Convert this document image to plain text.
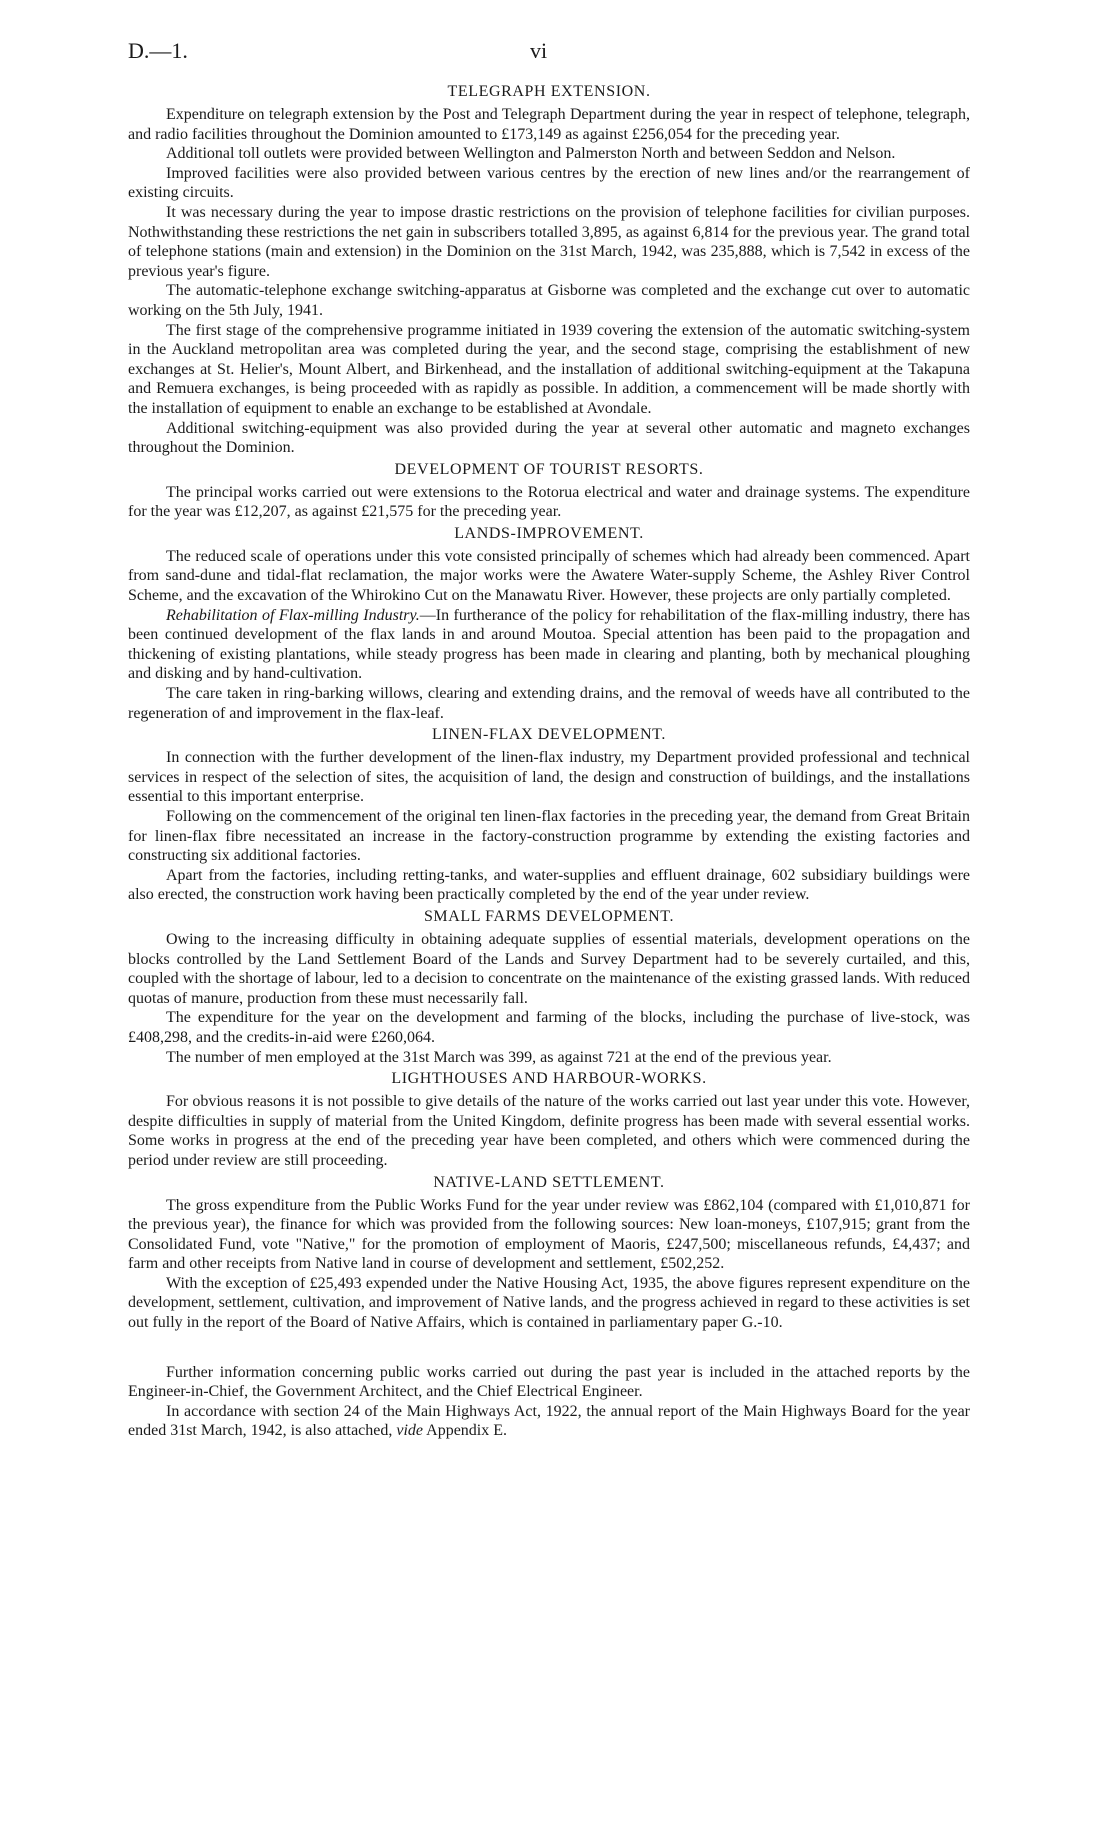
D.—1.	vi
TELEGRAPH EXTENSION.

Expenditure on telegraph extension by the Post and Telegraph Department during the year in respect of telephone, telegraph, and radio facilities throughout the Dominion amounted to £173,149 as against £256,054 for the preceding year.

Additional toll outlets were provided between Wellington and Palmerston North and between Seddon and Nelson.

Improved facilities were also provided between various centres by the erection of new lines and/or the rearrangement of existing circuits.

It was necessary during the year to impose drastic restrictions on the provision of telephone facilities for civilian purposes. Nothwithstanding these restrictions the net gain in subscribers totalled 3,895, as against 6,814 for the previous year. The grand total of telephone stations (main and extension) in the Dominion on the 31st March, 1942, was 235,888, which is 7,542 in excess of the previous year's figure.

The automatic-telephone exchange switching-apparatus at Gisborne was completed and the exchange cut over to automatic working on the 5th July, 1941.

The first stage of the comprehensive programme initiated in 1939 covering the extension of the automatic switching-system in the Auckland metropolitan area was completed during the year, and the second stage, comprising the establishment of new exchanges at St. Helier's, Mount Albert, and Birkenhead, and the installation of additional switching-equipment at the Takapuna and Remuera exchanges, is being proceeded with as rapidly as possible. In addition, a commencement will be made shortly with the installation of equipment to enable an exchange to be established at Avondale.

Additional switching-equipment was also provided during the year at several other automatic and magneto exchanges throughout the Dominion.

DEVELOPMENT OF TOURIST RESORTS.

The principal works carried out were extensions to the Rotorua electrical and water and drainage systems. The expenditure for the year was £12,207, as against £21,575 for the preceding year.

LANDS-IMPROVEMENT.

The reduced scale of operations under this vote consisted principally of schemes which had already been commenced. Apart from sand-dune and tidal-flat reclamation, the major works were the Awatere Water-supply Scheme, the Ashley River Control Scheme, and the excavation of the Whirokino Cut on the Manawatu River. However, these projects are only partially completed.

Rehabilitation of Flax-milling Industry.—In furtherance of the policy for rehabilitation of the flax-milling industry, there has been continued development of the flax lands in and around Moutoa. Special attention has been paid to the propagation and thickening of existing plantations, while steady progress has been made in clearing and planting, both by mechanical ploughing and disking and by hand-cultivation.

The care taken in ring-barking willows, clearing and extending drains, and the removal of weeds have all contributed to the regeneration of and improvement in the flax-leaf.

LINEN-FLAX DEVELOPMENT.

In connection with the further development of the linen-flax industry, my Department provided professional and technical services in respect of the selection of sites, the acquisition of land, the design and construction of buildings, and the installations essential to this important enterprise.

Following on the commencement of the original ten linen-flax factories in the preceding year, the demand from Great Britain for linen-flax fibre necessitated an increase in the factory-construction programme by extending the existing factories and constructing six additional factories.

Apart from the factories, including retting-tanks, and water-supplies and effluent drainage, 602 subsidiary buildings were also erected, the construction work having been practically completed by the end of the year under review.

SMALL FARMS DEVELOPMENT.

Owing to the increasing difficulty in obtaining adequate supplies of essential materials, development operations on the blocks controlled by the Land Settlement Board of the Lands and Survey Department had to be severely curtailed, and this, coupled with the shortage of labour, led to a decision to concentrate on the maintenance of the existing grassed lands. With reduced quotas of manure, production from these must necessarily fall.

The expenditure for the year on the development and farming of the blocks, including the purchase of live-stock, was £408,298, and the credits-in-aid were £260,064.

The number of men employed at the 31st March was 399, as against 721 at the end of the previous year.

LIGHTHOUSES AND HARBOUR-WORKS.

For obvious reasons it is not possible to give details of the nature of the works carried out last year under this vote. However, despite difficulties in supply of material from the United Kingdom, definite progress has been made with several essential works. Some works in progress at the end of the preceding year have been completed, and others which were commenced during the period under review are still proceeding.

NATIVE-LAND SETTLEMENT.

The gross expenditure from the Public Works Fund for the year under review was £862,104 (compared with £1,010,871 for the previous year), the finance for which was provided from the following sources: New loan-moneys, £107,915; grant from the Consolidated Fund, vote "Native," for the promotion of employment of Maoris, £247,500; miscellaneous refunds, £4,437; and farm and other receipts from Native land in course of development and settlement, £502,252.

With the exception of £25,493 expended under the Native Housing Act, 1935, the above figures represent expenditure on the development, settlement, cultivation, and improvement of Native lands, and the progress achieved in regard to these activities is set out fully in the report of the Board of Native Affairs, which is contained in parliamentary paper G.-10.

Further information concerning public works carried out during the past year is included in the attached reports by the Engineer-in-Chief, the Government Architect, and the Chief Electrical Engineer.

In accordance with section 24 of the Main Highways Act, 1922, the annual report of the Main Highways Board for the year ended 31st March, 1942, is also attached, vide Appendix E.
